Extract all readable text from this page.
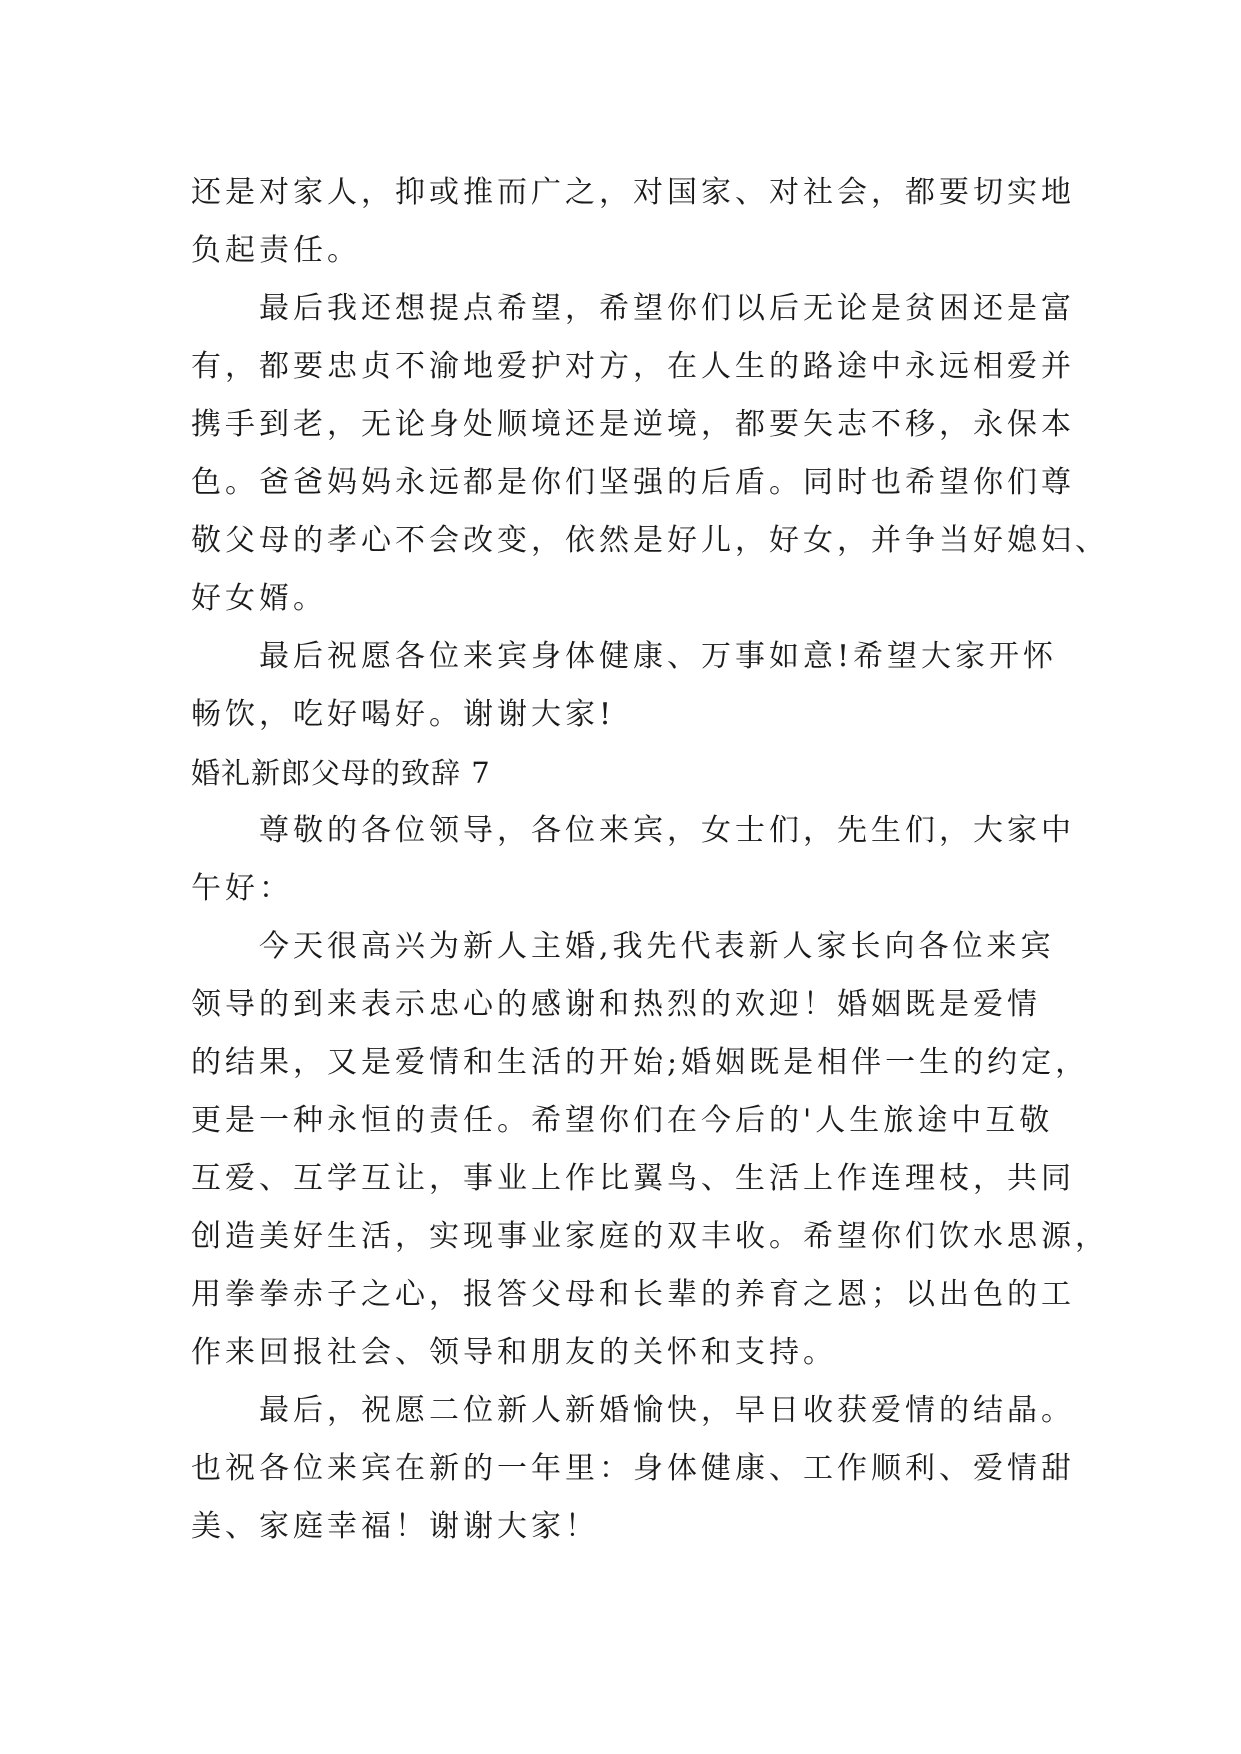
还是对家人，抑或推而广之，对国家、对社会，都要切实地
负起责任。
最后我还想提点希望，希望你们以后无论是贫困还是富
有，都要忠贞不渝地爱护对方，在人生的路途中永远相爱并
携手到老，无论身处顺境还是逆境，都要矢志不移，永保本
色。爸爸妈妈永远都是你们坚强的后盾。同时也希望你们尊
敬父母的孝心不会改变，依然是好儿，好女，并争当好媳妇、
好女婿。
最后祝愿各位来宾身体健康、万事如意!希望大家开怀
畅饮，吃好喝好。谢谢大家!
婚礼新郎父母的致辞 7
尊敬的各位领导，各位来宾，女士们，先生们，大家中
午好：
今天很高兴为新人主婚,我先代表新人家长向各位来宾
领导的到来表示忠心的感谢和热烈的欢迎！婚姻既是爱情
的结果，又是爱情和生活的开始;婚姻既是相伴一生的约定，
更是一种永恒的责任。希望你们在今后的'人生旅途中互敬
互爱、互学互让，事业上作比翼鸟、生活上作连理枝，共同
创造美好生活，实现事业家庭的双丰收。希望你们饮水思源，
用拳拳赤子之心，报答父母和长辈的养育之恩；以出色的工
作来回报社会、领导和朋友的关怀和支持。
最后，祝愿二位新人新婚愉快，早日收获爱情的结晶。
也祝各位来宾在新的一年里：身体健康、工作顺利、爱情甜
美、家庭幸福！谢谢大家！
